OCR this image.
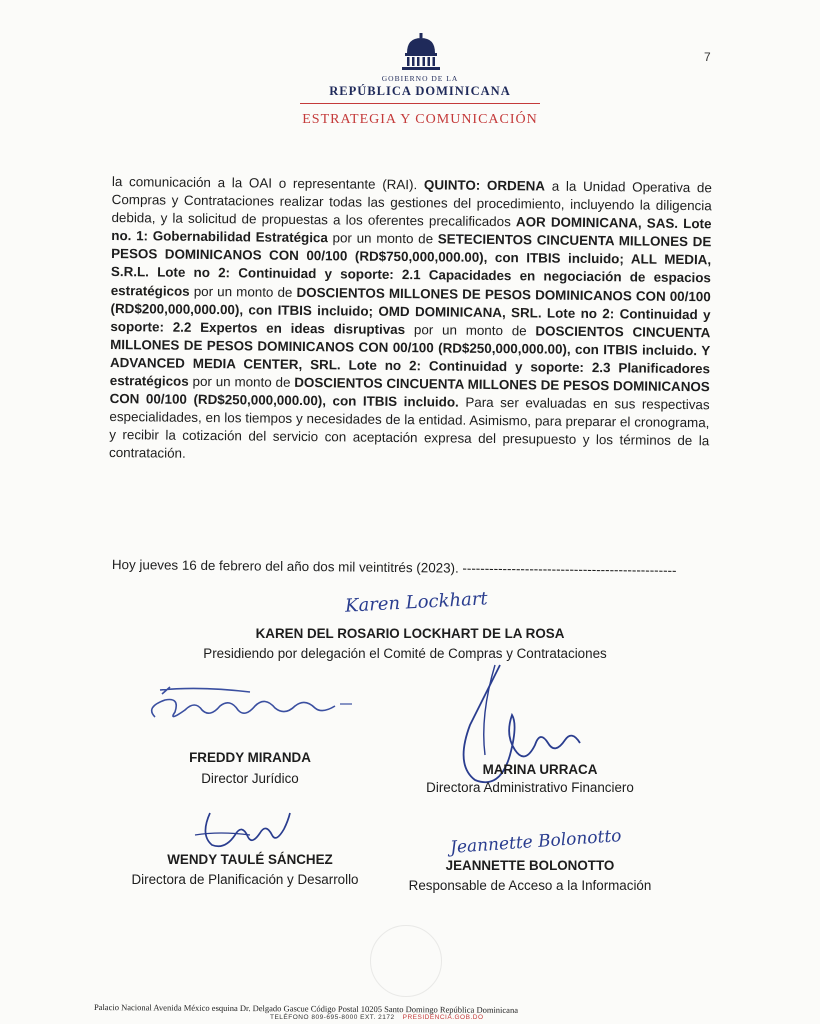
7
GOBIERNO DE LA
REPÚBLICA DOMINICANA
ESTRATEGIA Y COMUNICACIÓN
la comunicación a la OAI o representante (RAI). QUINTO: ORDENA a la Unidad Operativa de Compras y Contrataciones realizar todas las gestiones del procedimiento, incluyendo la diligencia debida, y la solicitud de propuestas a los oferentes precalificados AOR DOMINICANA, SAS. Lote no. 1: Gobernabilidad Estratégica por un monto de SETECIENTOS CINCUENTA MILLONES DE PESOS DOMINICANOS CON 00/100 (RD$750,000,000.00), con ITBIS incluido; ALL MEDIA, S.R.L. Lote no 2: Continuidad y soporte: 2.1 Capacidades en negociación de espacios estratégicos por un monto de DOSCIENTOS MILLONES DE PESOS DOMINICANOS CON 00/100 (RD$200,000,000.00), con ITBIS incluido; OMD DOMINICANA, SRL. Lote no 2: Continuidad y soporte: 2.2 Expertos en ideas disruptivas por un monto de DOSCIENTOS CINCUENTA MILLONES DE PESOS DOMINICANOS CON 00/100 (RD$250,000,000.00), con ITBIS incluido. Y ADVANCED MEDIA CENTER, SRL. Lote no 2: Continuidad y soporte: 2.3 Planificadores estratégicos por un monto de DOSCIENTOS CINCUENTA MILLONES DE PESOS DOMINICANOS CON 00/100 (RD$250,000,000.00), con ITBIS incluido. Para ser evaluadas en sus respectivas especialidades, en los tiempos y necesidades de la entidad. Asimismo, para preparar el cronograma, y recibir la cotización del servicio con aceptación expresa del presupuesto y los términos de la contratación.
Hoy jueves 16 de febrero del año dos mil veintitrés (2023). ------------------------------------------------
Karen Lockhart
KAREN DEL ROSARIO LOCKHART DE LA ROSA
Presidiendo por delegación el Comité de Compras y Contrataciones
FREDDY MIRANDA
Director Jurídico
MARINA URRACA
Directora Administrativo Financiero
WENDY TAULÉ SÁNCHEZ
Directora de Planificación y Desarrollo
Jeannette Bolonotto
JEANNETTE BOLONOTTO
Responsable de Acceso a la Información
Palacio Nacional Avenida México esquina Dr. Delgado Gascue Código Postal 10205 Santo Domingo República Dominicana
TELÉFONO 809-695-8000 EXT. 2172 PRESIDENCIA.GOB.DO
